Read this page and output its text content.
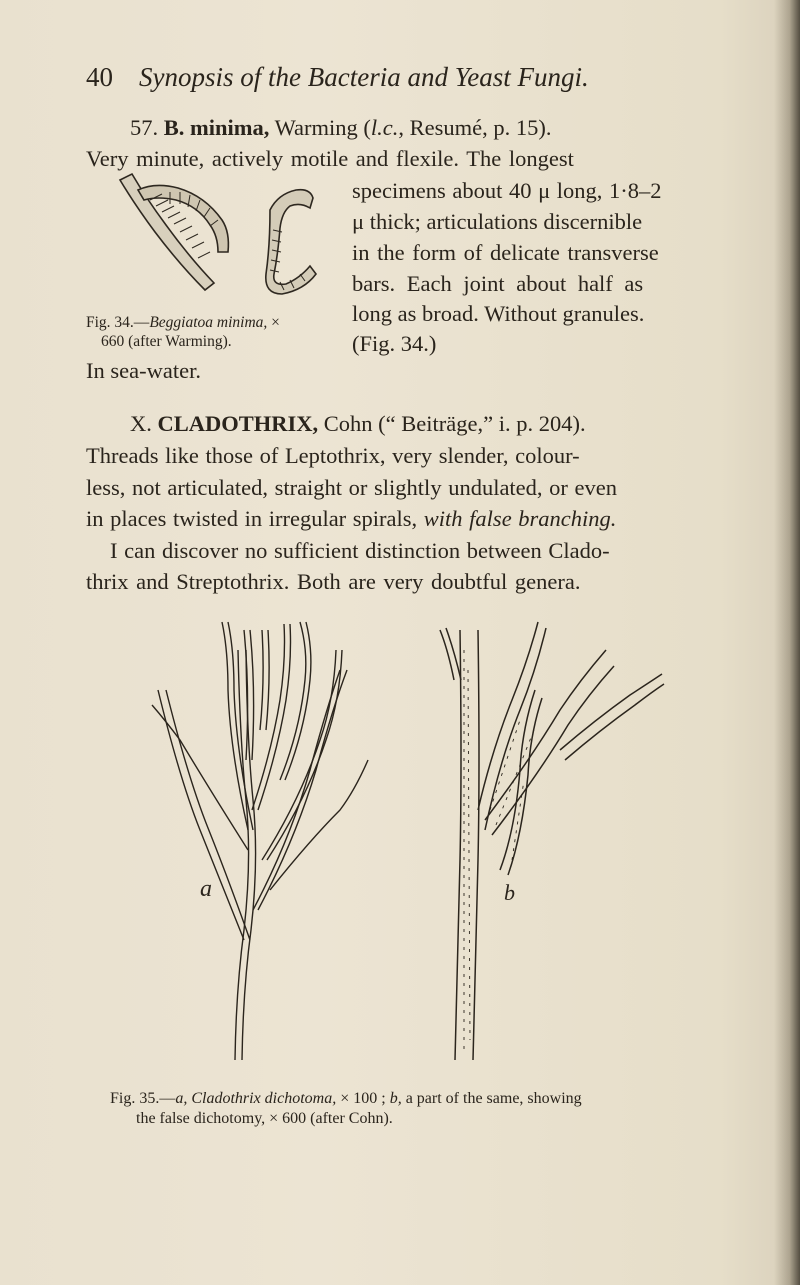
40 Synopsis of the Bacteria and Yeast Fungi.
57. B. minima, Warming (l.c., Resumé, p. 15).
Very minute, actively motile and flexile. The longest
specimens about 40 μ long, 1·8–2
μ thick; articulations discernible
in the form of delicate transverse
bars. Each joint about half as
long as broad. Without granules.
(Fig. 34.)
In sea-water.
Fig. 34.—Beggiatoa minima, ×
660 (after Warming).
X. CLADOTHRIX, Cohn (“ Beiträge,” i. p. 204).
Threads like those of Leptothrix, very slender, colour-
less, not articulated, straight or slightly undulated, or even
in places twisted in irregular spirals, with false branching.
I can discover no sufficient distinction between Clado-
thrix and Streptothrix. Both are very doubtful genera.
a	b
Fig. 35.—a, Cladothrix dichotoma, × 100 ; b, a part of the same, showing
the false dichotomy, × 600 (after Cohn).
